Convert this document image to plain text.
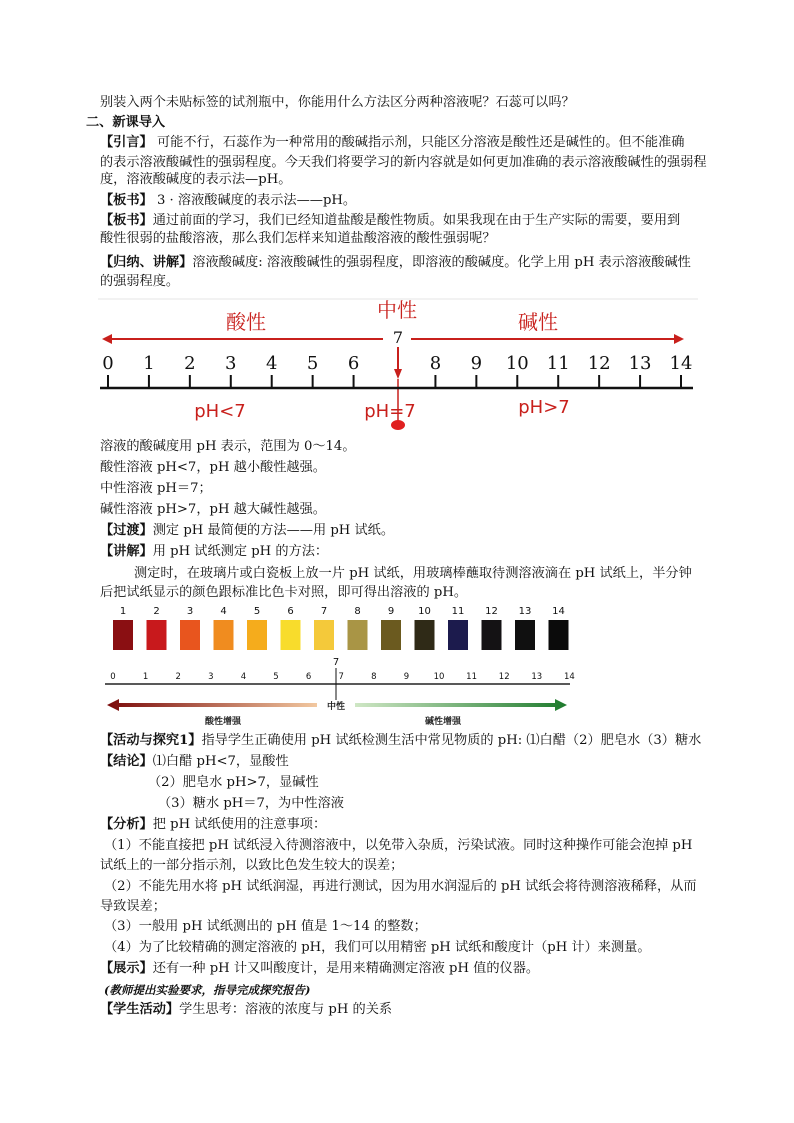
别装入两个未贴标签的试剂瓶中，你能用什么方法区分两种溶液呢？石蕊可以吗？
二、新课导入
【引言】 可能不行，石蕊作为一种常用的酸碱指示剂，只能区分溶液是酸性还是碱性的。但不能准确
的表示溶液酸碱性的强弱程度。今天我们将要学习的新内容就是如何更加准确的表示溶液酸碱性的强弱程
度，溶液酸碱度的表示法—pH。
【板书】 3 · 溶液酸碱度的表示法——pH。
【板书】通过前面的学习，我们已经知道盐酸是酸性物质。如果我现在由于生产实际的需要，要用到
酸性很弱的盐酸溶液，那么我们怎样来知道盐酸溶液的酸性强弱呢？
【归纳、讲解】溶液酸碱度: 溶液酸碱性的强弱程度，即溶液的酸碱度。化学上用 pH 表示溶液酸碱性
的强弱程度。
酸性	中性	碱性
7
0 1 2 3 4 5 6	8 9 10 11 12 13 14
pH<7	pH=7	pH>7
溶液的酸碱度用 pH 表示，范围为 0～14。
酸性溶液 pH<7，pH 越小酸性越强。
中性溶液 pH＝7；
碱性溶液 pH>7，pH 越大碱性越强。
【过渡】测定 pH 最简便的方法——用 pH 试纸。
【讲解】用 pH 试纸测定 pH 的方法：
测定时，在玻璃片或白瓷板上放一片 pH 试纸，用玻璃棒蘸取待测溶液滴在 pH 试纸上，半分钟
后把试纸显示的颜色跟标准比色卡对照，即可得出溶液的 pH。
1	2	3	4	5	6	7	8	9 10 11 12 13 14
0	1	2	3	4	5	6	7	8	9	10	11	12	13	14
7
中性
酸性增强	碱性增强
【活动与探究1】指导学生正确使用 pH 试纸检测生活中常见物质的 pH: ⑴白醋（2）肥皂水（3）糖水
【结论】⑴白醋 pH<7，显酸性
（2）肥皂水 pH>7，显碱性
（3）糖水 pH＝7，为中性溶液
【分析】把 pH 试纸使用的注意事项：
（1）不能直接把 pH 试纸浸入待测溶液中，以免带入杂质，污染试液。同时这种操作可能会泡掉 pH
试纸上的一部分指示剂，以致比色发生较大的误差；
（2）不能先用水将 pH 试纸润湿，再进行测试，因为用水润湿后的 pH 试纸会将待测溶液稀释，从而
导致误差；
（3）一般用 pH 试纸测出的 pH 值是 1～14 的整数；
（4）为了比较精确的测定溶液的 pH，我们可以用精密 pH 试纸和酸度计（pH 计）来测量。
【展示】还有一种 pH 计又叫酸度计，是用来精确测定溶液 pH 值的仪器。
(教师提出实验要求，指导完成探究报告)
【学生活动】学生思考：溶液的浓度与 pH 的关系
